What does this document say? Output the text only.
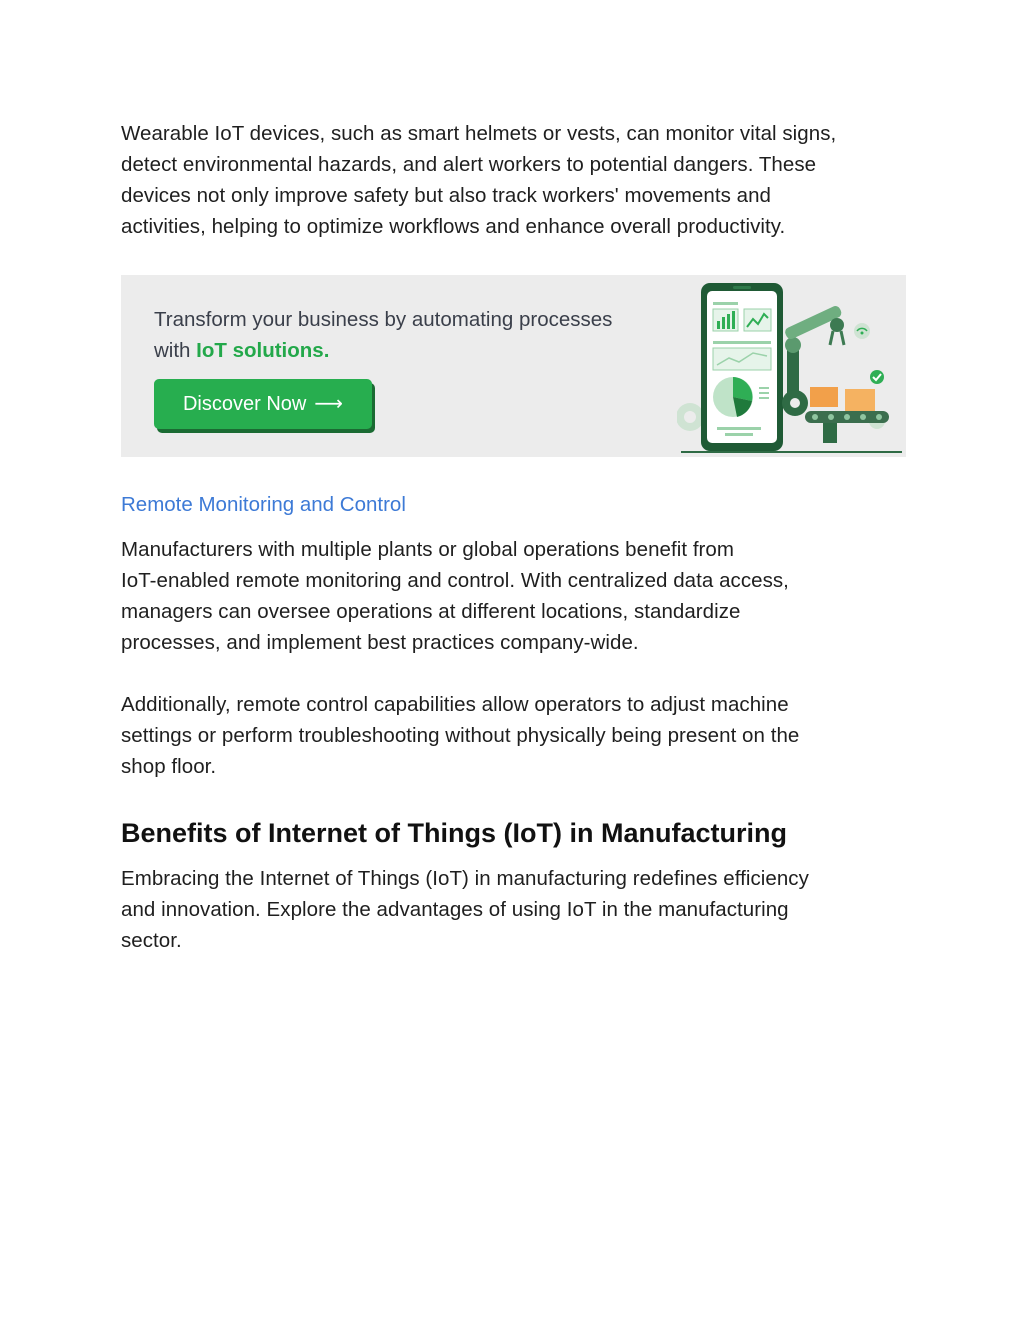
Wearable IoT devices, such as smart helmets or vests, can monitor vital signs,
detect environmental hazards, and alert workers to potential dangers. These
devices not only improve safety but also track workers' movements and
activities, helping to optimize workflows and enhance overall productivity.

Transform your business by automating processes
with IoT solutions.
Discover Now ⟶

Remote Monitoring and Control

Manufacturers with multiple plants or global operations benefit from
IoT-enabled remote monitoring and control. With centralized data access,
managers can oversee operations at different locations, standardize
processes, and implement best practices company-wide.

Additionally, remote control capabilities allow operators to adjust machine
settings or perform troubleshooting without physically being present on the
shop floor.

Benefits of Internet of Things (IoT) in Manufacturing

Embracing the Internet of Things (IoT) in manufacturing redefines efficiency
and innovation. Explore the advantages of using IoT in the manufacturing
sector.
